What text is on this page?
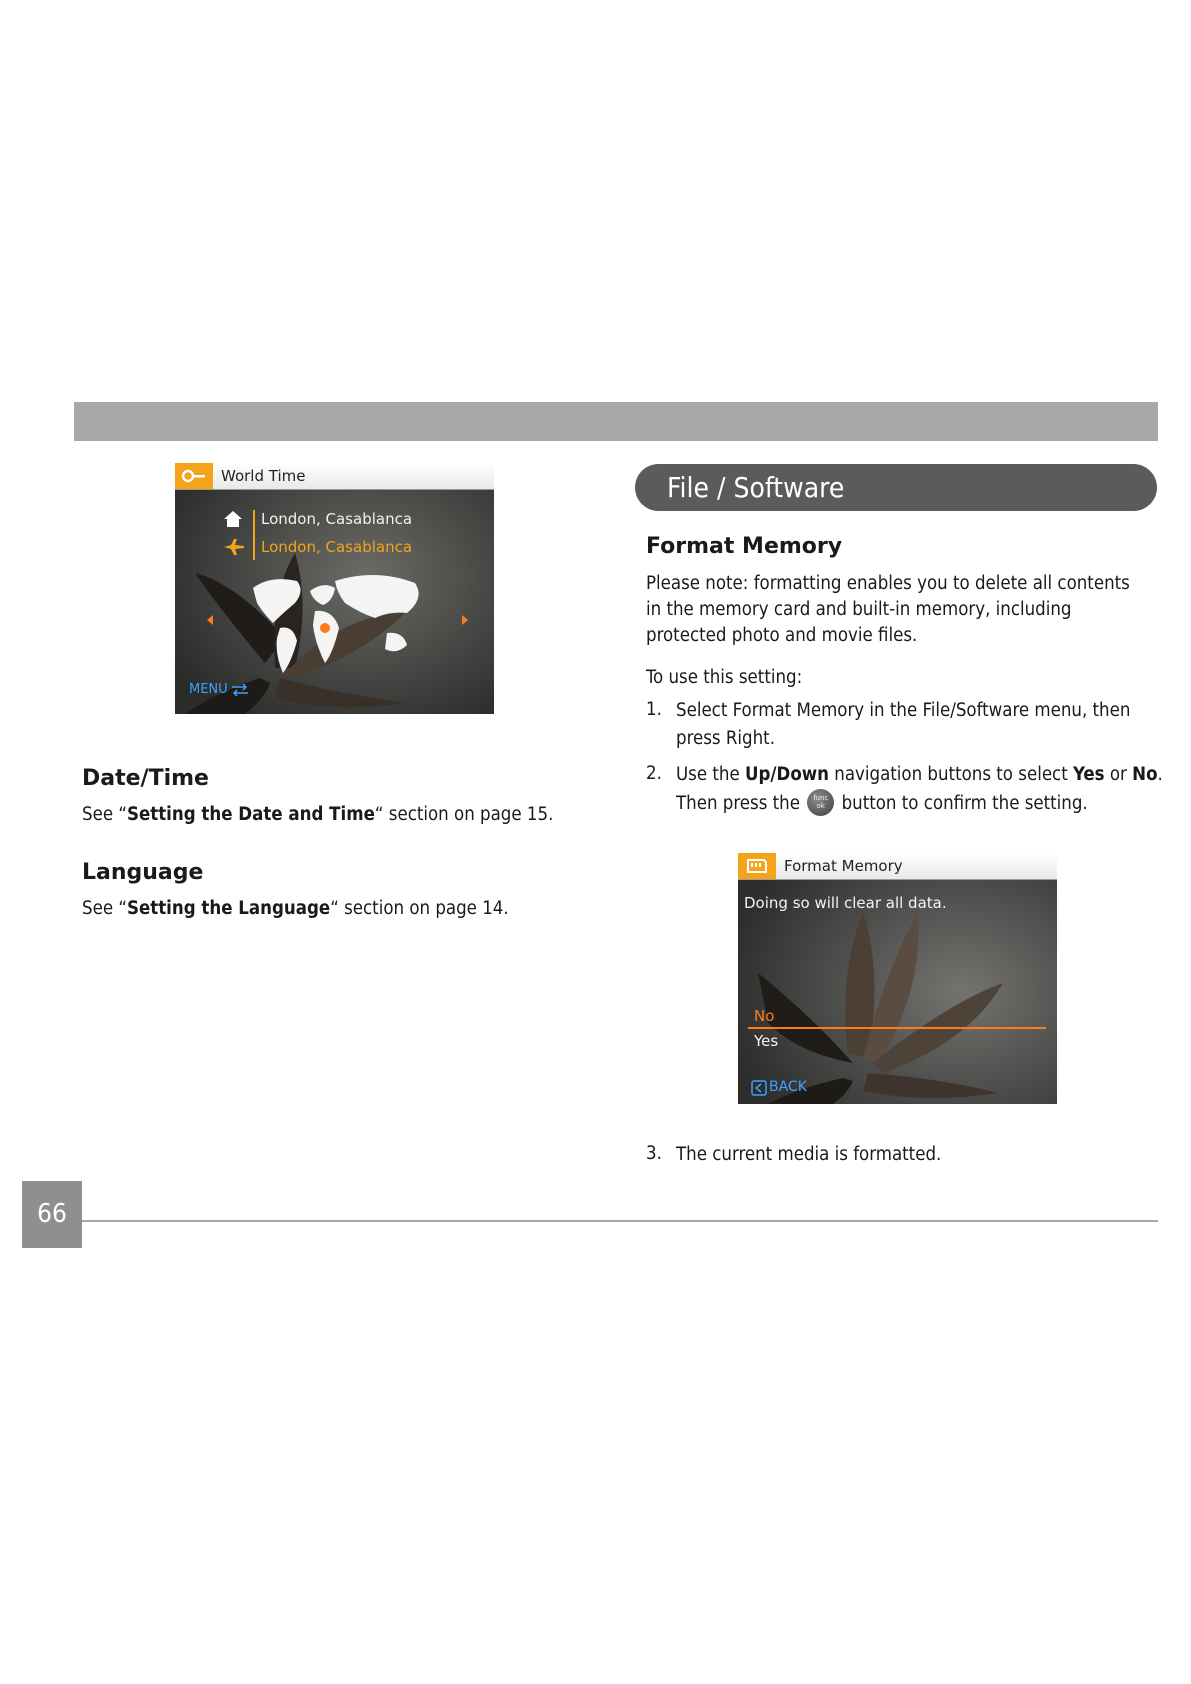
World Time
London, Casablanca
London, Casablanca
MENU
Date/Time
See “Setting the Date and Time“ section on page 15.
Language
See “Setting the Language“ section on page 14.
File / Software
Format Memory
Please note: formatting enables you to delete all contents in the memory card and built-in memory, including protected photo and movie files.
To use this setting:
1. Select Format Memory in the File/Software menu, then press Right.
2. Use the Up/Down navigation buttons to select Yes or No.
Then press the func ok button to confirm the setting.
Format Memory
Doing so will clear all data.
No
Yes
BACK
3. The current media is formatted.
66
